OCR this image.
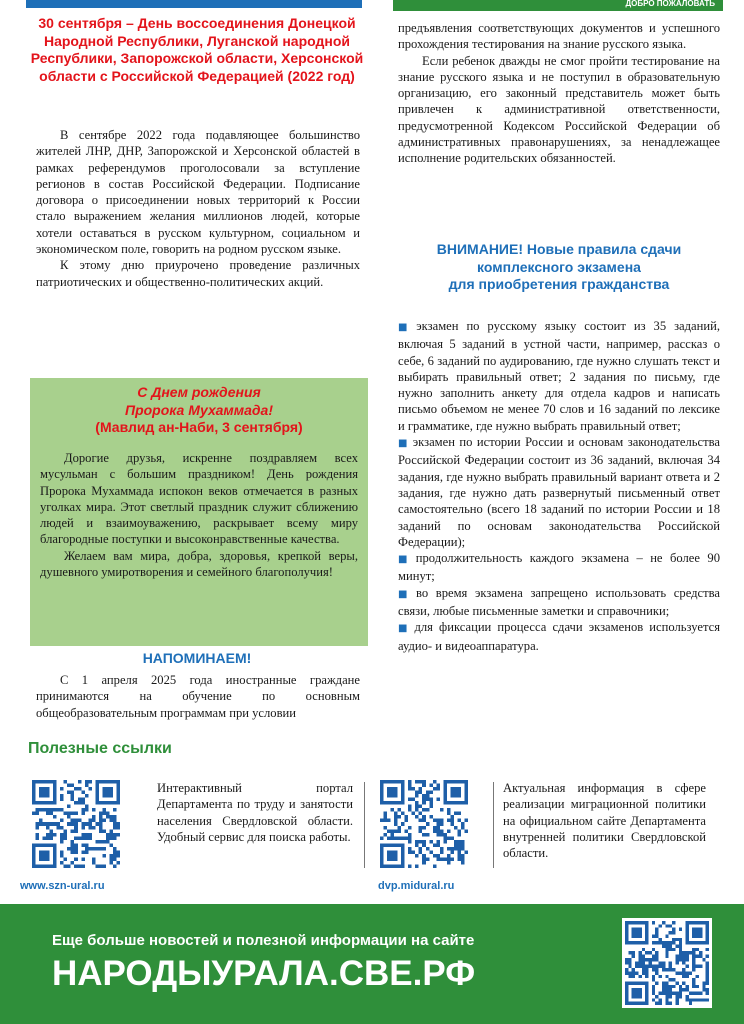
ДОБРО ПОЖАЛОВАТЬ
30 сентября – День воссоединения Донецкой Народной Республики, Луганской народной Республики, Запорожской области, Херсонской области с Российской Федерацией (2022 год)

В сентябре 2022 года подавляющее большинство жителей ЛНР, ДНР, Запорожской и Херсонской областей в рамках референдумов проголосовали за вступление регионов в состав Российской Федерации. Подписание договора о присоединении новых территорий к России стало выражением желания миллионов людей, которые хотели оставаться в русском культурном, социальном и экономическом поле, говорить на родном русском языке.

К этому дню приурочено проведение различных патриотических и общественно-политических акций.

С Днем рождения
Пророка Мухаммада!
(Мавлид ан-Наби, 3 сентября)

Дорогие друзья, искренне поздравляем всех мусульман с большим праздником! День рождения Пророка Мухаммада испокон веков отмечается в разных уголках мира. Этот светлый праздник служит сближению людей и взаимоуважению, раскрывает всему миру благородные поступки и высоконравственные качества.

Желаем вам мира, добра, здоровья, крепкой веры, душевного умиротворения и семейного благополучия!

НАПОМИНАЕМ!

С 1 апреля 2025 года иностранные граждане принимаются на обучение по основным общеобразовательным программам при условии

предъявления соответствующих документов и успешного прохождения тестирования на знание русского языка.

Если ребенок дважды не смог пройти тестирование на знание русского языка и не поступил в образовательную организацию, его законный представитель может быть привлечен к административной ответственности, предусмотренной Кодексом Российской Федерации об административных правонарушениях, за ненадлежащее исполнение родительских обязанностей.

ВНИМАНИЕ! Новые правила сдачи
комплексного экзамена
для приобретения гражданства

■ экзамен по русскому языку состоит из 35 заданий, включая 5 заданий в устной части, например, рассказ о себе, 6 заданий по аудированию, где нужно слушать текст и выбирать правильный ответ; 2 задания по письму, где нужно заполнить анкету для отдела кадров и написать письмо объемом не менее 70 слов и 16 заданий по лексике и грамматике, где нужно выбрать правильный ответ;

■ экзамен по истории России и основам законодательства Российской Федерации состоит из 36 заданий, включая 34 задания, где нужно выбрать правильный вариант ответа и 2 задания, где нужно дать развернутый письменный ответ самостоятельно (всего 18 заданий по истории России и 18 заданий по основам законодательства Российской Федерации);

■ продолжительность каждого экзамена – не более 90 минут;

■ во время экзамена запрещено использовать средства связи, любые письменные заметки и справочники;

■ для фиксации процесса сдачи экзаменов используется аудио- и видеоаппаратура.

Полезные ссылки
www.szn-ural.ru
Интерактивный портал Департамента по труду и занятости населения Свердловской области. Удобный сервис для поиска работы.
dvp.midural.ru
Актуальная информация в сфере реализации миграционной политики на официальном сайте Департамента внутренней политики Свердловской области.
Еще больше новостей и полезной информации на сайте
НАРОДЫУРАЛА.СВЕ.РФ
